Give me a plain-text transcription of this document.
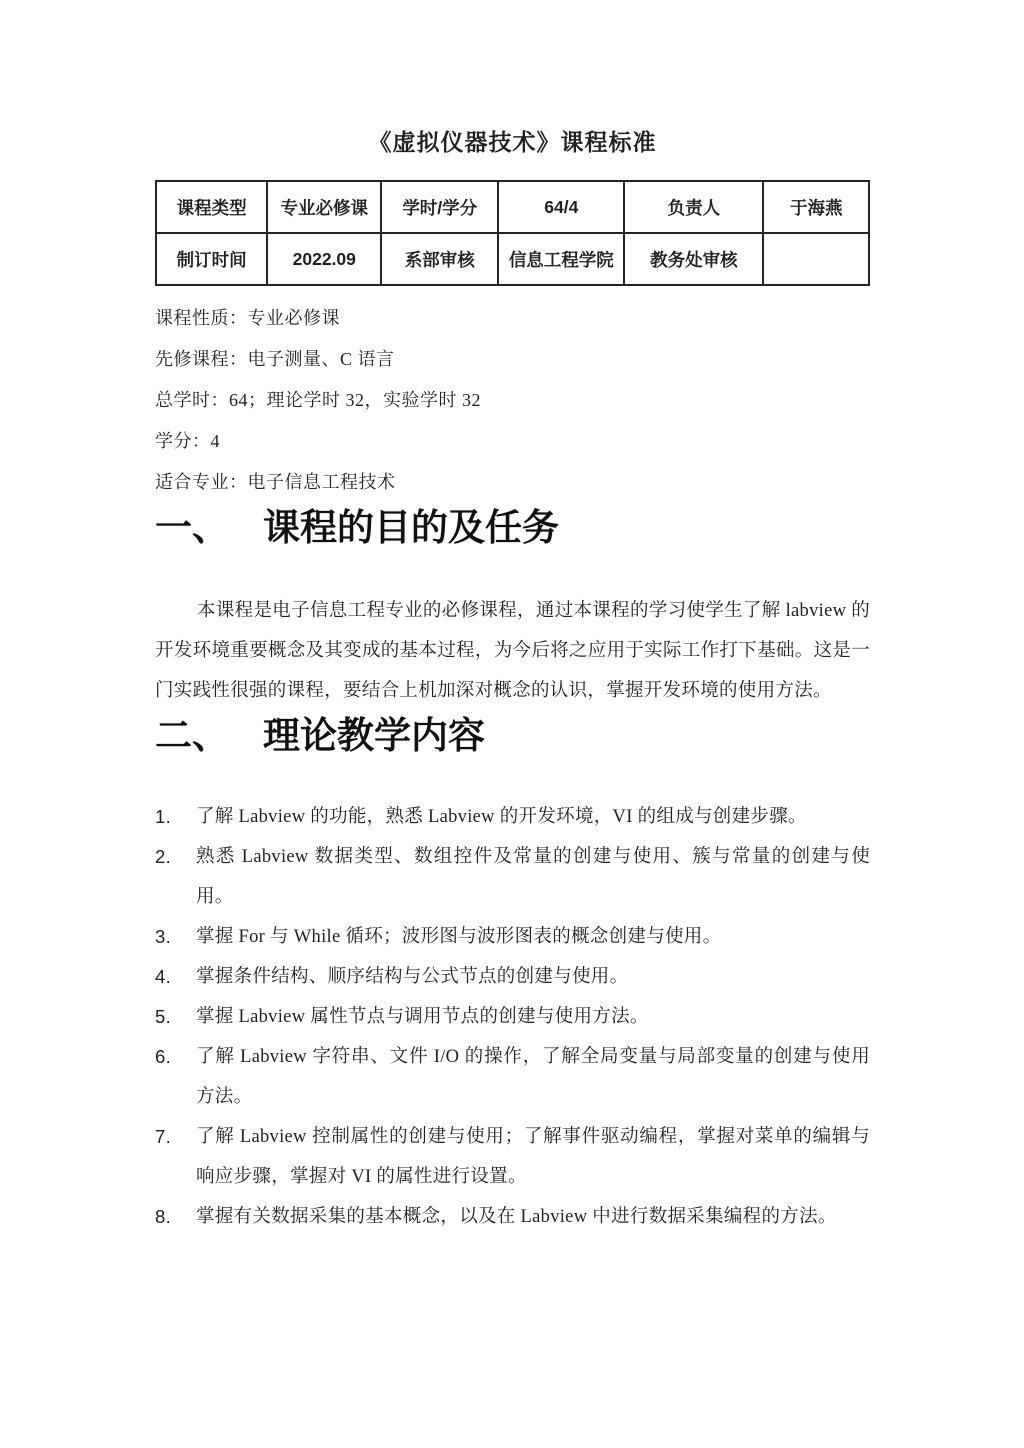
《虚拟仪器技术》课程标准
课程类型	专业必修课	学时/学分	64/4	负责人	于海燕
制订时间	2022.09	系部审核	信息工程学院	教务处审核	

课程性质：专业必修课

先修课程：电子测量、C 语言

总学时：64；理论学时 32，实验学时 32

学分：4

适合专业：电子信息工程技术

一、 课程的目的及任务

本课程是电子信息工程专业的必修课程，通过本课程的学习使学生了解 labview 的开发环境重要概念及其变成的基本过程，为今后将之应用于实际工作打下基础。这是一门实践性很强的课程，要结合上机加深对概念的认识，掌握开发环境的使用方法。

二、 理论教学内容
1.	了解 Labview 的功能，熟悉 Labview 的开发环境，VI 的组成与创建步骤。
2.	熟悉 Labview 数据类型、数组控件及常量的创建与使用、簇与常量的创建与使用。
3.	掌握 For 与 While 循环；波形图与波形图表的概念创建与使用。
4.	掌握条件结构、顺序结构与公式节点的创建与使用。
5.	掌握 Labview 属性节点与调用节点的创建与使用方法。
6.	了解 Labview 字符串、文件 I/O 的操作，了解全局变量与局部变量的创建与使用方法。
7.	了解 Labview 控制属性的创建与使用；了解事件驱动编程，掌握对菜单的编辑与响应步骤，掌握对 VI 的属性进行设置。
8.	掌握有关数据采集的基本概念，以及在 Labview 中进行数据采集编程的方法。
